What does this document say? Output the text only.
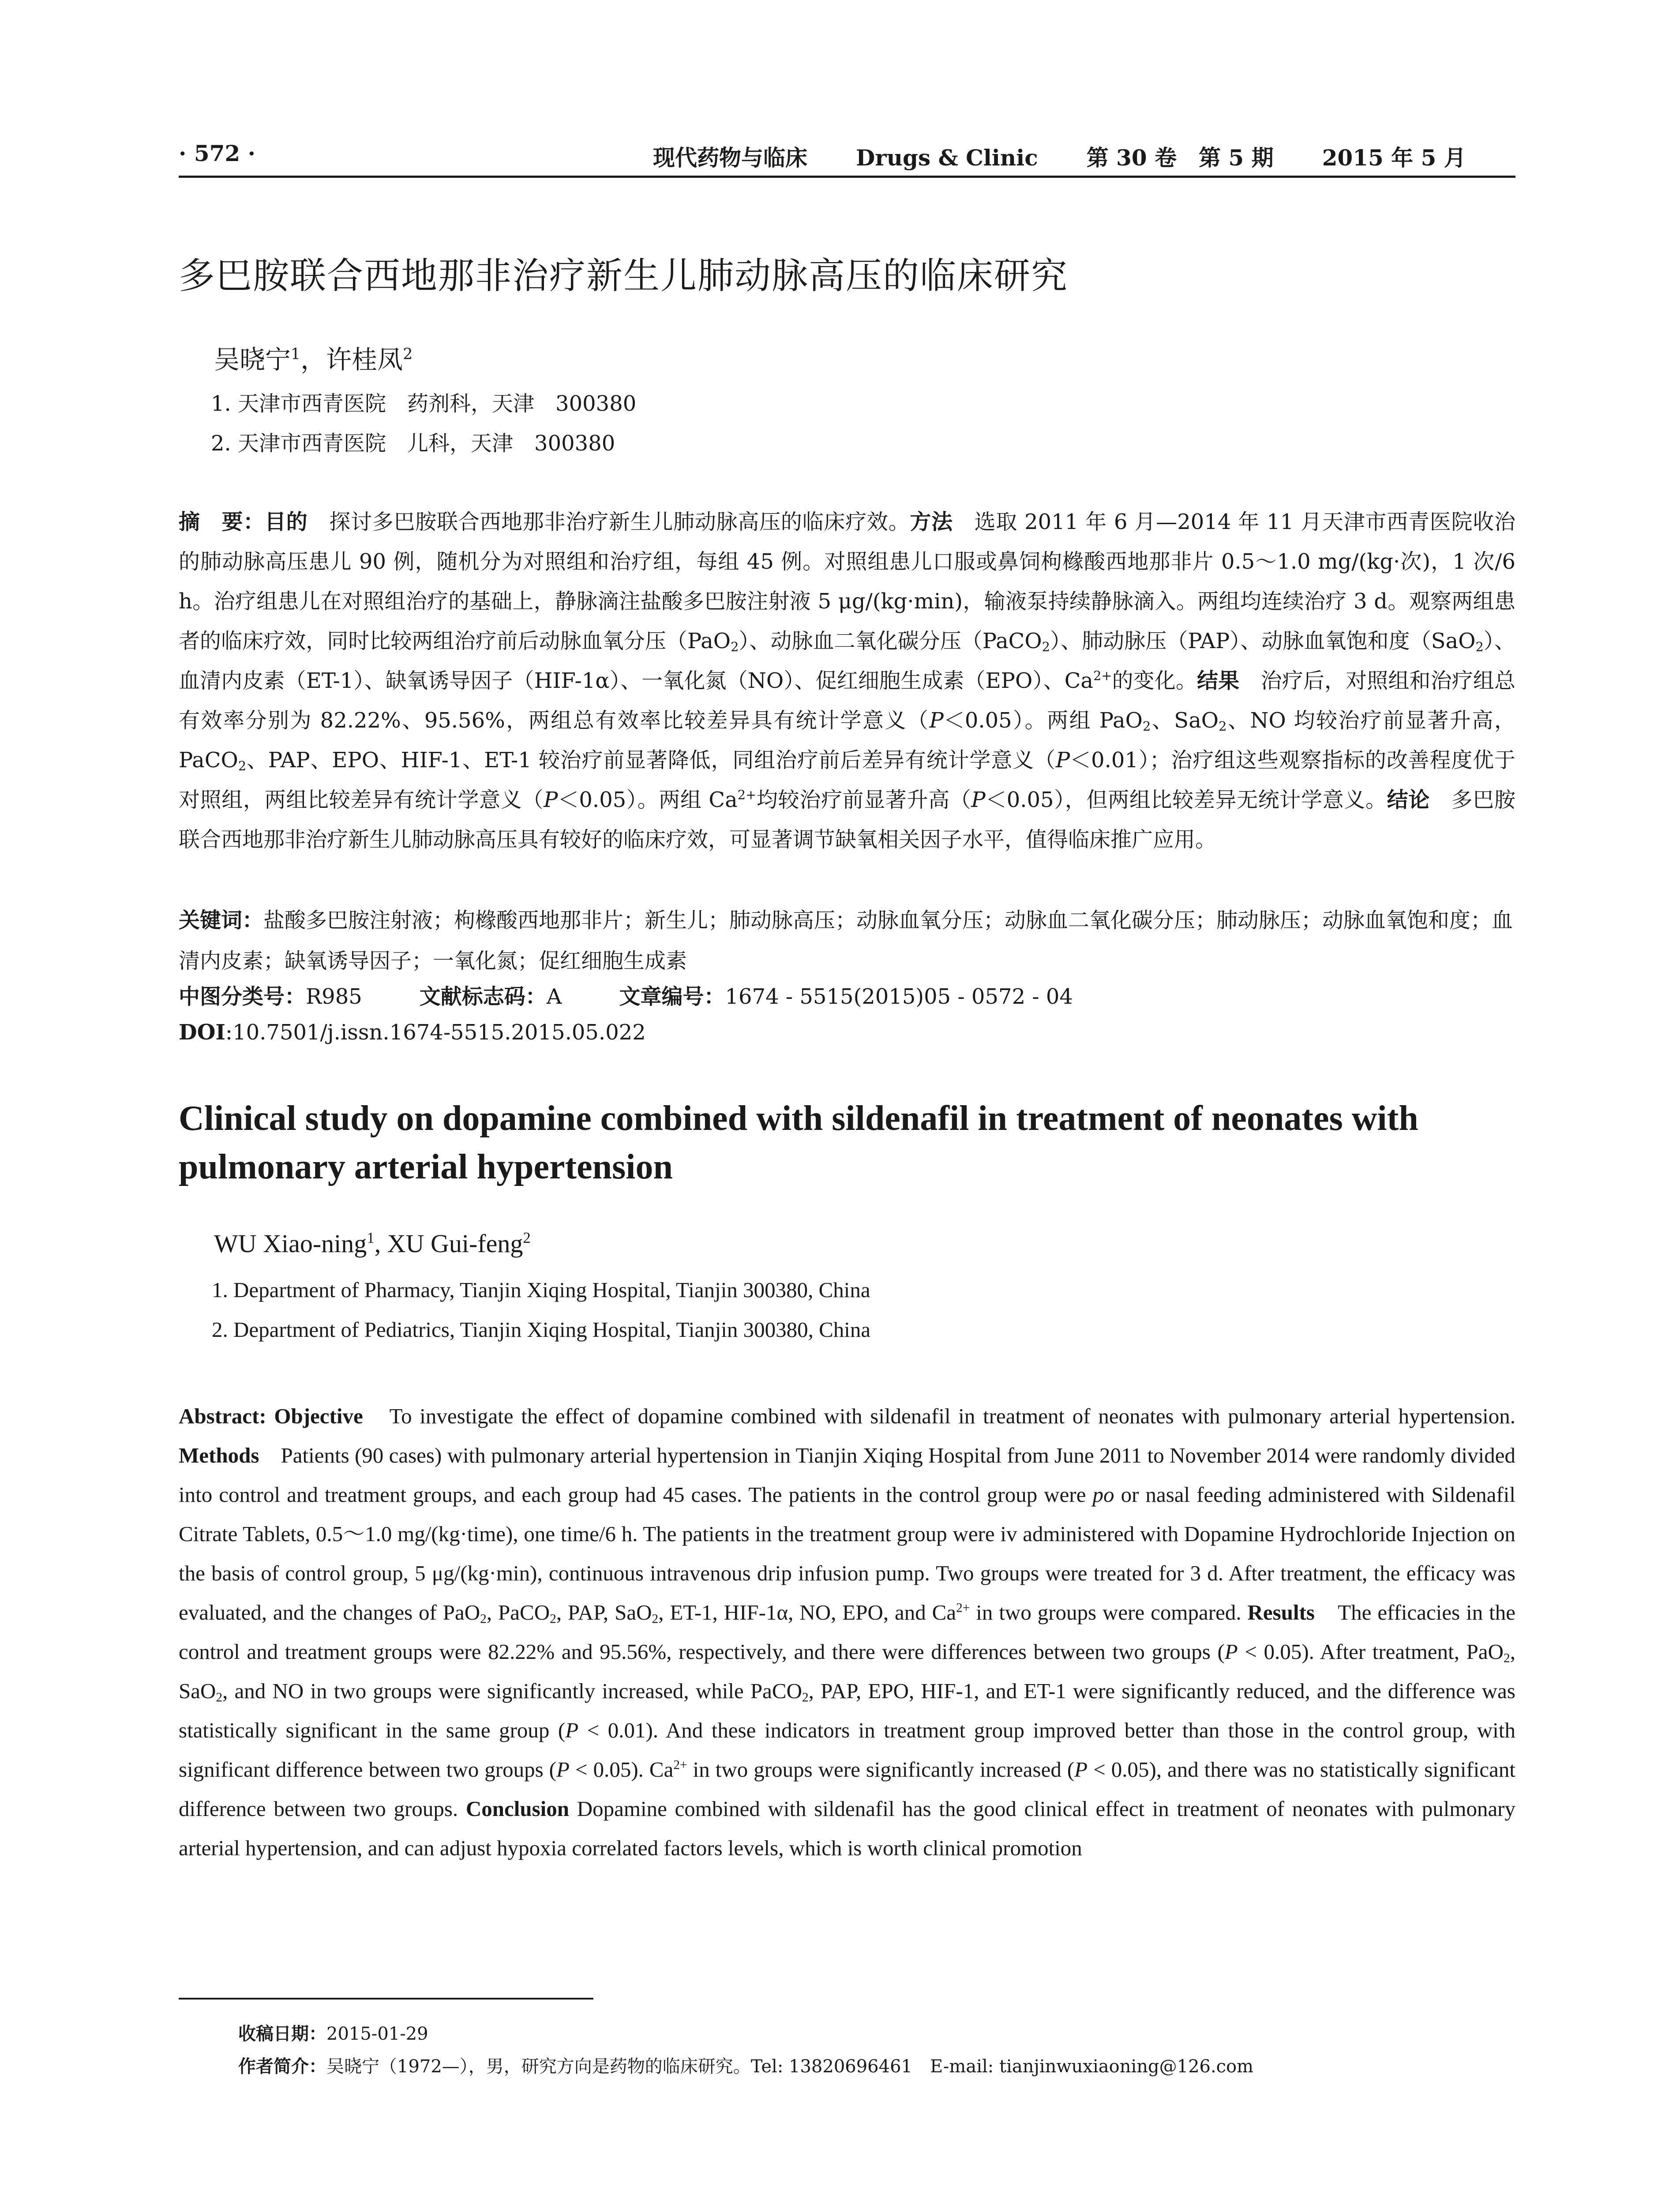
· 572 ·	现代药物与临床 Drugs & Clinic 第 30 卷　第 5 期 2015 年 5 月
多巴胺联合西地那非治疗新生儿肺动脉高压的临床研究
吴晓宁$^1$，许桂凤$^2$
1. 天津市西青医院　药剂科，天津　300380
2. 天津市西青医院　儿科，天津　300380
摘　要：目的　探讨多巴胺联合西地那非治疗新生儿肺动脉高压的临床疗效。方法　选取 2011 年 6 月—2014 年 11 月天津市西青医院收治的肺动脉高压患儿 90 例，随机分为对照组和治疗组，每组 45 例。对照组患儿口服或鼻饲枸橼酸西地那非片 0.5～1.0 mg/(kg·次)，1 次/6 h。治疗组患儿在对照组治疗的基础上，静脉滴注盐酸多巴胺注射液 5 μg/(kg·min)，输液泵持续静脉滴入。两组均连续治疗 3 d。观察两组患者的临床疗效，同时比较两组治疗前后动脉血氧分压（PaO$_2$）、动脉血二氧化碳分压（PaCO$_2$）、肺动脉压（PAP）、动脉血氧饱和度（SaO$_2$）、血清内皮素（ET-1）、缺氧诱导因子（HIF-1α）、一氧化氮（NO）、促红细胞生成素（EPO）、$Ca^{2+}$的变化。结果　治疗后，对照组和治疗组总有效率分别为 82.22%、95.56%，两组总有效率比较差异具有统计学意义（P＜0.05）。两组 PaO$_2$、SaO$_2$、NO 均较治疗前显著升高，PaCO$_2$、PAP、EPO、HIF-1、ET-1 较治疗前显著降低，同组治疗前后差异有统计学意义（P＜0.01）；治疗组这些观察指标的改善程度优于对照组，两组比较差异有统计学意义（P＜0.05）。两组 $Ca^{2+}$均较治疗前显著升高（P＜0.05），但两组比较差异无统计学意义。结论　多巴胺联合西地那非治疗新生儿肺动脉高压具有较好的临床疗效，可显著调节缺氧相关因子水平，值得临床推广应用。
关键词：盐酸多巴胺注射液；枸橼酸西地那非片；新生儿；肺动脉高压；动脉血氧分压；动脉血二氧化碳分压；肺动脉压；动脉血氧饱和度；血清内皮素；缺氧诱导因子；一氧化氮；促红细胞生成素
中图分类号：R985	文献标志码：A	文章编号：1674 - 5515(2015)05 - 0572 - 04
DOI:10.7501/j.issn.1674-5515.2015.05.022
Clinical study on dopamine combined with sildenafil in treatment of neonates with pulmonary arterial hypertension
WU Xiao-ning$^1$, XU Gui-feng$^2$
1. Department of Pharmacy, Tianjin Xiqing Hospital, Tianjin 300380, China
2. Department of Pediatrics, Tianjin Xiqing Hospital, Tianjin 300380, China
Abstract: Objective　To investigate the effect of dopamine combined with sildenafil in treatment of neonates with pulmonary arterial hypertension. Methods　Patients (90 cases) with pulmonary arterial hypertension in Tianjin Xiqing Hospital from June 2011 to November 2014 were randomly divided into control and treatment groups, and each group had 45 cases. The patients in the control group were po or nasal feeding administered with Sildenafil Citrate Tablets, 0.5～1.0 mg/(kg·time), one time/6 h. The patients in the treatment group were iv administered with Dopamine Hydrochloride Injection on the basis of control group, 5 μg/(kg·min), continuous intravenous drip infusion pump. Two groups were treated for 3 d. After treatment, the efficacy was evaluated, and the changes of PaO$_2$, PaCO$_2$, PAP, SaO$_2$, ET-1, HIF-1α, NO, EPO, and $Ca^{2+}$ in two groups were compared. Results　The efficacies in the control and treatment groups were 82.22% and 95.56%, respectively, and there were differences between two groups (P < 0.05). After treatment, PaO$_2$, SaO$_2$, and NO in two groups were significantly increased, while PaCO$_2$, PAP, EPO, HIF-1, and ET-1 were significantly reduced, and the difference was statistically significant in the same group (P < 0.01). And these indicators in treatment group improved better than those in the control group, with significant difference between two groups (P < 0.05). $Ca^{2+}$ in two groups were significantly increased (P < 0.05), and there was no statistically significant difference between two groups. Conclusion Dopamine combined with sildenafil has the good clinical effect in treatment of neonates with pulmonary arterial hypertension, and can adjust hypoxia correlated factors levels, which is worth clinical promotion
收稿日期：2015-01-29
作者简介：吴晓宁（1972—），男，研究方向是药物的临床研究。Tel: 13820696461　E-mail: tianjinwuxiaoning@126.com
